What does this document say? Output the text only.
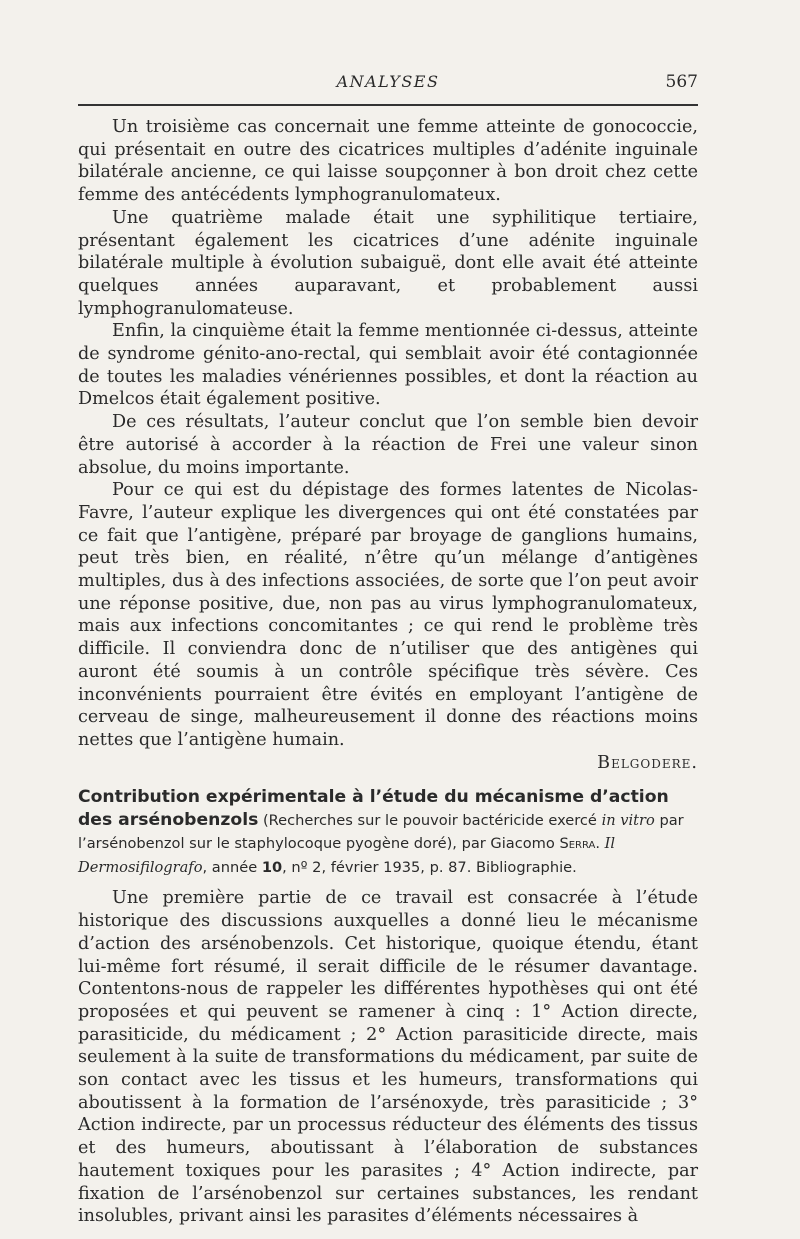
ANALYSES	567

Un troisième cas concernait une femme atteinte de gonococcie, qui présentait en outre des cicatrices multiples d’adénite inguinale bilatérale ancienne, ce qui laisse soupçonner à bon droit chez cette femme des antécédents lymphogranulomateux.

Une quatrième malade était une syphilitique tertiaire, présentant également les cicatrices d’une adénite inguinale bilatérale multiple à évolution subaiguë, dont elle avait été atteinte quelques années auparavant, et probablement aussi lymphogranulomateuse.

Enfin, la cinquième était la femme mentionnée ci-dessus, atteinte de syndrome génito-ano-rectal, qui semblait avoir été contagionnée de toutes les maladies vénériennes possibles, et dont la réaction au Dmelcos était également positive.

De ces résultats, l’auteur conclut que l’on semble bien devoir être autorisé à accorder à la réaction de Frei une valeur sinon absolue, du moins importante.

Pour ce qui est du dépistage des formes latentes de Nicolas-Favre, l’auteur explique les divergences qui ont été constatées par ce fait que l’antigène, préparé par broyage de ganglions humains, peut très bien, en réalité, n’être qu’un mélange d’antigènes multiples, dus à des infections associées, de sorte que l’on peut avoir une réponse positive, due, non pas au virus lymphogranulomateux, mais aux infections concomitantes ; ce qui rend le problème très difficile. Il conviendra donc de n’utiliser que des antigènes qui auront été soumis à un contrôle spécifique très sévère. Ces inconvénients pourraient être évités en employant l’antigène de cerveau de singe, malheureusement il donne des réactions moins nettes que l’antigène humain.

Belgodere.
Contribution expérimentale à l’étude du mécanisme d’action des arsénobenzols (Recherches sur le pouvoir bactéricide exercé in vitro par l’arsénobenzol sur le staphylocoque pyogène doré), par Giacomo Serra. Il Dermosifilografo, année 10, nº 2, février 1935, p. 87. Bibliographie.

Une première partie de ce travail est consacrée à l’étude historique des discussions auxquelles a donné lieu le mécanisme d’action des arsénobenzols. Cet historique, quoique étendu, étant lui-même fort résumé, il serait difficile de le résumer davantage. Contentons-nous de rappeler les différentes hypothèses qui ont été proposées et qui peuvent se ramener à cinq : 1° Action directe, parasiticide, du médicament ; 2° Action parasiticide directe, mais seulement à la suite de transformations du médicament, par suite de son contact avec les tissus et les humeurs, transformations qui aboutissent à la formation de l’arsénoxyde, très parasiticide ; 3° Action indirecte, par un processus réducteur des éléments des tissus et des humeurs, aboutissant à l’élaboration de substances hautement toxiques pour les parasites ; 4° Action indirecte, par fixation de l’arsénobenzol sur certaines substances, les rendant insolubles, privant ainsi les parasites d’éléments nécessaires à
